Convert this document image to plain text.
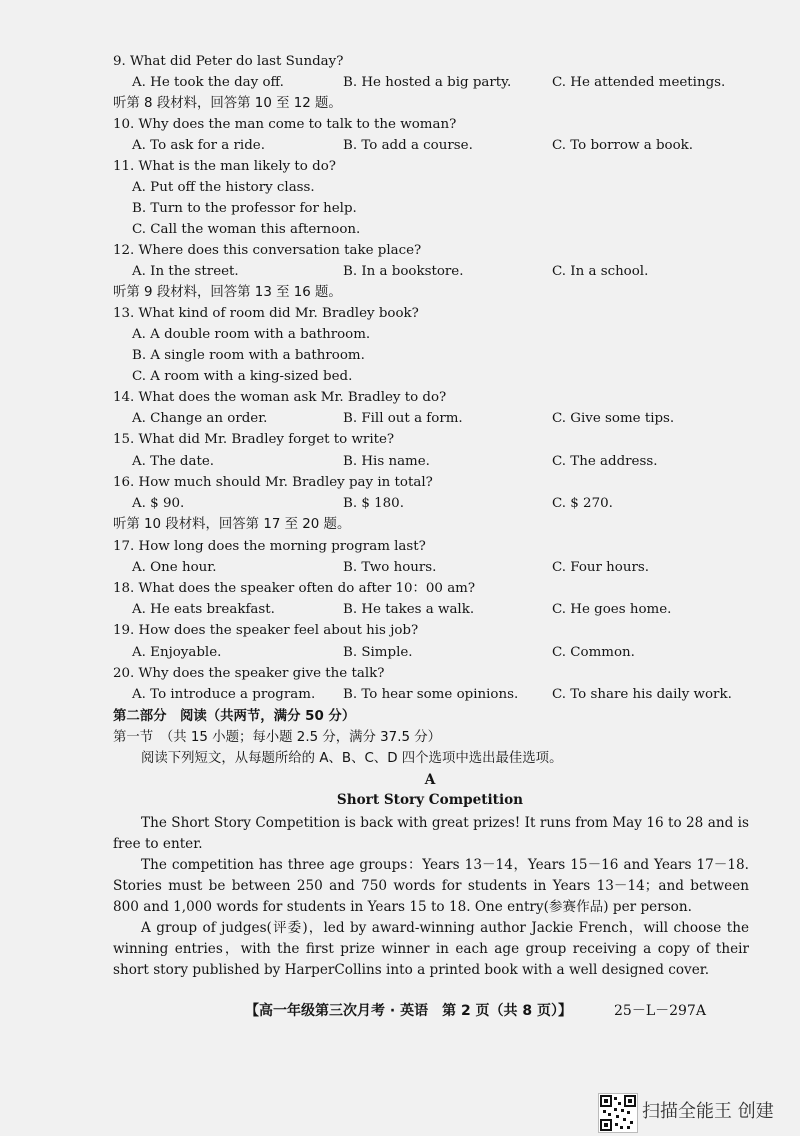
9. What did Peter do last Sunday?
A. He took the day off.	B. He hosted a big party.	C. He attended meetings.
听第 8 段材料，回答第 10 至 12 题。
10. Why does the man come to talk to the woman?
A. To ask for a ride.	B. To add a course.	C. To borrow a book.
11. What is the man likely to do?
A. Put off the history class.
B. Turn to the professor for help.
C. Call the woman this afternoon.
12. Where does this conversation take place?
A. In the street.	B. In a bookstore.	C. In a school.
听第 9 段材料，回答第 13 至 16 题。
13. What kind of room did Mr. Bradley book?
A. A double room with a bathroom.
B. A single room with a bathroom.
C. A room with a king-sized bed.
14. What does the woman ask Mr. Bradley to do?
A. Change an order.	B. Fill out a form.	C. Give some tips.
15. What did Mr. Bradley forget to write?
A. The date.	B. His name.	C. The address.
16. How much should Mr. Bradley pay in total?
A. $ 90.	B. $ 180.	C. $ 270.
听第 10 段材料，回答第 17 至 20 题。
17. How long does the morning program last?
A. One hour.	B. Two hours.	C. Four hours.
18. What does the speaker often do after 10：00 am?
A. He eats breakfast.	B. He takes a walk.	C. He goes home.
19. How does the speaker feel about his job?
A. Enjoyable.	B. Simple.	C. Common.
20. Why does the speaker give the talk?
A. To introduce a program. B. To hear some opinions.	C. To share his daily work.
第二部分　阅读（共两节，满分 50 分）
第一节　（共 15 小题；每小题 2.5 分，满分 37.5 分）
阅读下列短文，从每题所给的 A、B、C、D 四个选项中选出最佳选项。
A
Short Story Competition
The Short Story Competition is back with great prizes! It runs from May 16 to 28 and is free to enter.
The competition has three age groups：Years 13－14，Years 15－16 and Years 17－18. Stories must be between 250 and 750 words for students in Years 13－14；and between 800 and 1,000 words for students in Years 15 to 18. One entry(参赛作品) per person.
A group of judges(评委)，led by award-winning author Jackie French，will choose the winning entries，with the first prize winner in each age group receiving a copy of their short story published by HarperCollins into a printed book with a well designed cover.
【高一年级第三次月考 · 英语　第 2 页（共 8 页）】	25－L－297A
扫描全能王 创建
